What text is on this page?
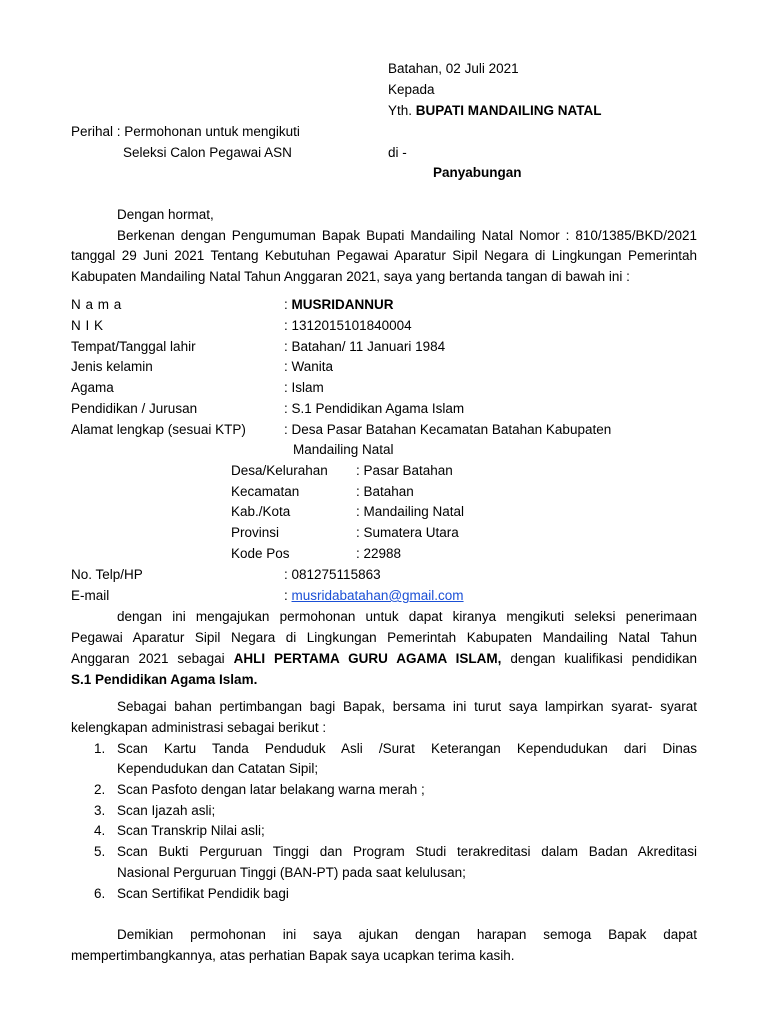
Batahan, 02 Juli 2021
Kepada
Yth. BUPATI MANDAILING NATAL
Perihal : Permohonan untuk mengikuti
Seleksi Calon Pegawai ASN	di -
Panyabungan
Dengan hormat,
Berkenan dengan Pengumuman Bapak Bupati Mandailing Natal Nomor : 810/1385/BKD/2021
tanggal 29 Juni 2021 Tentang Kebutuhan Pegawai Aparatur Sipil Negara di Lingkungan Pemerintah
Kabupaten Mandailing Natal Tahun Anggaran 2021, saya yang bertanda tangan di bawah ini :
N a m a	: MUSRIDANNUR
N I K	: 1312015101840004
Tempat/Tanggal lahir	: Batahan/ 11 Januari 1984
Jenis kelamin	: Wanita
Agama	: Islam
Pendidikan / Jurusan	: S.1 Pendidikan Agama Islam
Alamat lengkap (sesuai KTP)	: Desa Pasar Batahan Kecamatan Batahan Kabupaten
Mandailing Natal
Desa/Kelurahan : Pasar Batahan
Kecamatan	: Batahan
Kab./Kota	: Mandailing Natal
Provinsi	: Sumatera Utara
Kode Pos	: 22988
No. Telp/HP	: 081275115863
E-mail	: musridabatahan@gmail.com
dengan ini mengajukan permohonan untuk dapat kiranya mengikuti seleksi penerimaan
Pegawai Aparatur Sipil Negara di Lingkungan Pemerintah Kabupaten Mandailing Natal Tahun
Anggaran 2021 sebagai AHLI PERTAMA GURU AGAMA ISLAM, dengan kualifikasi pendidikan
S.1 Pendidikan Agama Islam.
Sebagai bahan pertimbangan bagi Bapak, bersama ini turut saya lampirkan syarat- syarat
kelengkapan administrasi sebagai berikut :
1. Scan Kartu Tanda Penduduk Asli /Surat Keterangan Kependudukan dari Dinas
Kependudukan dan Catatan Sipil;
2. Scan Pasfoto dengan latar belakang warna merah ;
3. Scan Ijazah asli;
4. Scan Transkrip Nilai asli;
5. Scan Bukti Perguruan Tinggi dan Program Studi terakreditasi dalam Badan Akreditasi
Nasional Perguruan Tinggi (BAN-PT) pada saat kelulusan;
6. Scan Sertifikat Pendidik bagi
Demikian permohonan ini saya ajukan dengan harapan semoga Bapak dapat
mempertimbangkannya, atas perhatian Bapak saya ucapkan terima kasih.
